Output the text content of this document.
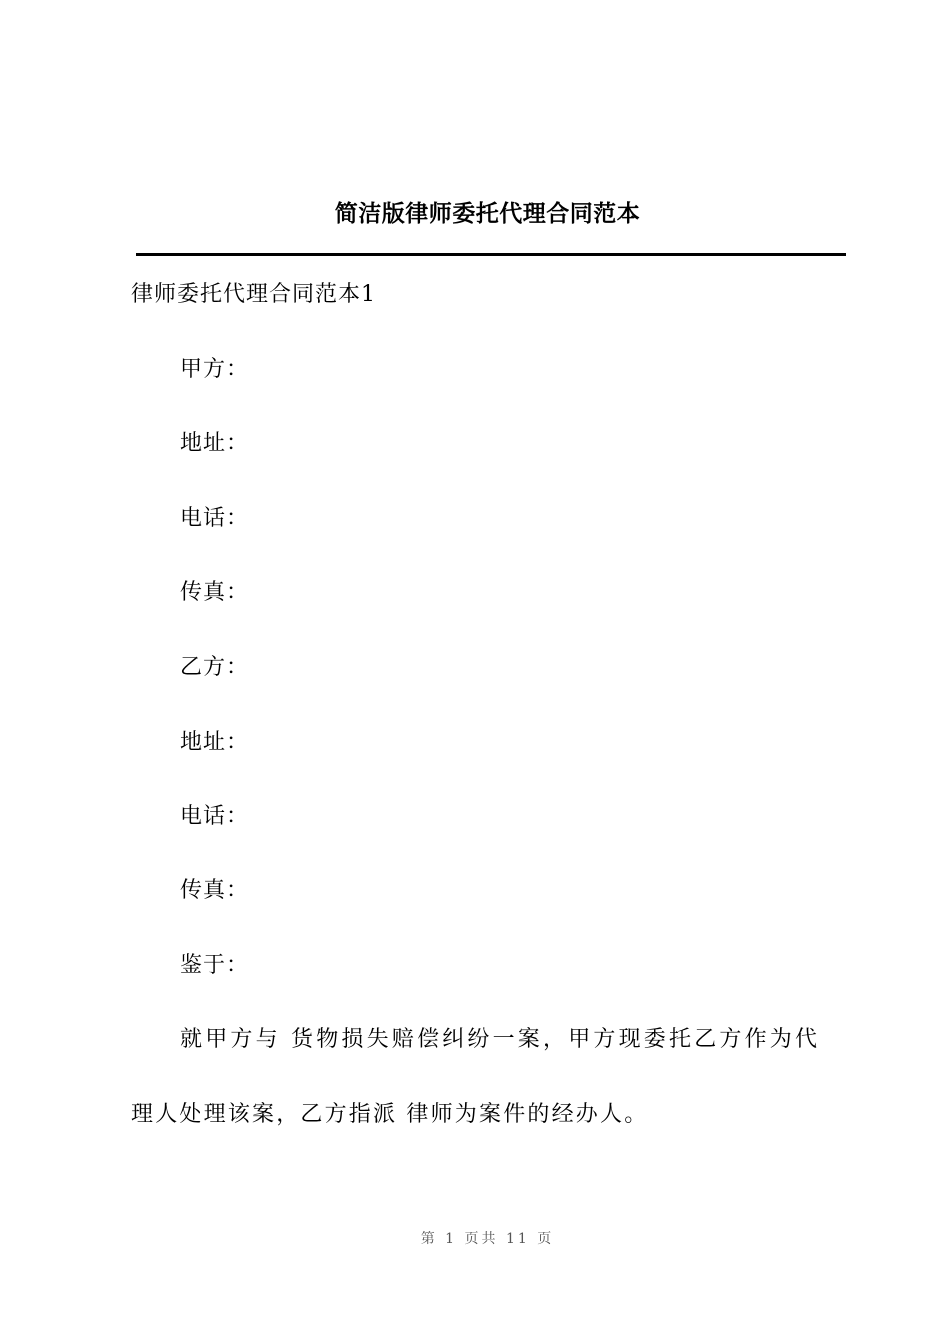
简洁版律师委托代理合同范本
律师委托代理合同范本1
甲方：
地址：
电话：
传真：
乙方：
地址：
电话：
传真：
鉴于：
就甲方与 货物损失赔偿纠纷一案，甲方现委托乙方作为代
理人处理该案，乙方指派 律师为案件的经办人。
第 1 页共 11 页
